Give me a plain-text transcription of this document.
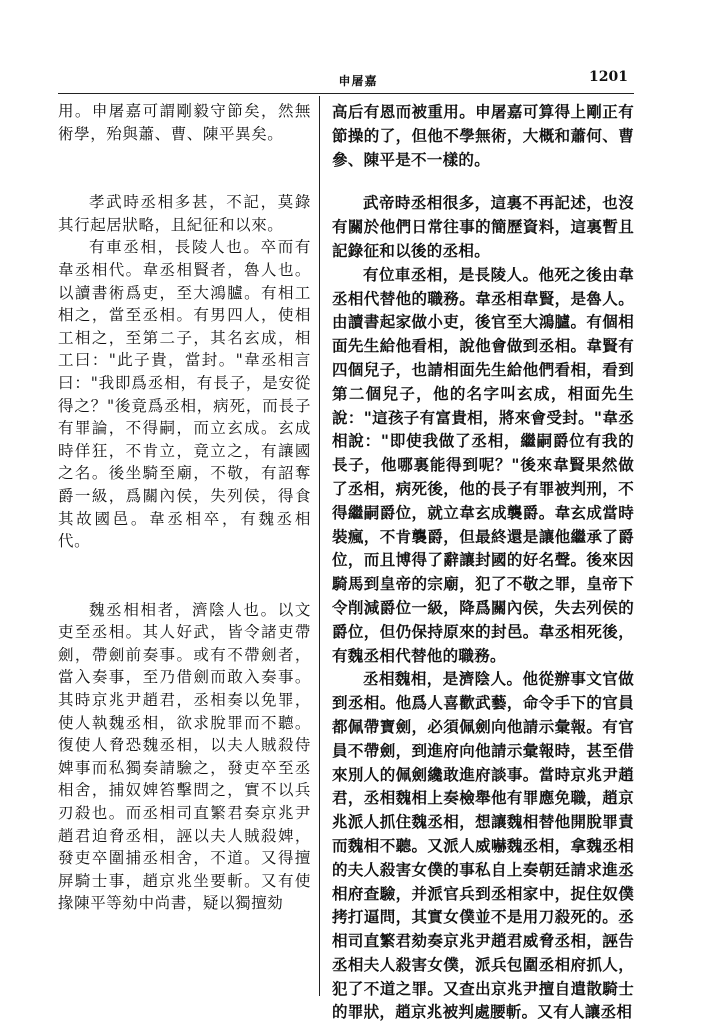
申屠嘉	1201

用。申屠嘉可謂剛毅守節矣，然無術學，殆與蕭、曹、陳平異矣。

孝武時丞相多甚，不記，莫錄其行起居狀略，且紀征和以來。

有車丞相，長陵人也。卒而有韋丞相代。韋丞相賢者，魯人也。以讀書術爲吏，至大鴻臚。有相工相之，當至丞相。有男四人，使相工相之，至第二子，其名玄成，相工曰："此子貴，當封。"韋丞相言曰："我即爲丞相，有長子，是安從得之？"後竟爲丞相，病死，而長子有罪論，不得嗣，而立玄成。玄成時佯狂，不肯立，竟立之，有讓國之名。後坐騎至廟，不敬，有詔奪爵一級，爲關內侯，失列侯，得食其故國邑。韋丞相卒，有魏丞相代。

魏丞相相者，濟陰人也。以文吏至丞相。其人好武，皆令諸吏帶劍，帶劍前奏事。或有不帶劍者，當入奏事，至乃借劍而敢入奏事。其時京兆尹趙君，丞相奏以免罪，使人執魏丞相，欲求脫罪而不聽。復使人脅恐魏丞相，以夫人賊殺侍婢事而私獨奏請驗之，發吏卒至丞相舍，捕奴婢笞擊問之，實不以兵刃殺也。而丞相司直繁君奏京兆尹趙君迫脅丞相，誣以夫人賊殺婢，發吏卒圍捕丞相舍，不道。又得擅屏騎士事，趙京兆坐要斬。又有使掾陳平等劾中尚書，疑以獨擅劾

高后有恩而被重用。申屠嘉可算得上剛正有節操的了，但他不學無術，大概和蕭何、曹參、陳平是不一樣的。

武帝時丞相很多，這裏不再記述，也沒有關於他們日常往事的簡歷資料，這裏暫且記錄征和以後的丞相。

有位車丞相，是長陵人。他死之後由韋丞相代替他的職務。韋丞相韋賢，是魯人。由讀書起家做小吏，後官至大鴻臚。有個相面先生給他看相，說他會做到丞相。韋賢有四個兒子，也請相面先生給他們看相，看到第二個兒子，他的名字叫玄成，相面先生說："這孩子有富貴相，將來會受封。"韋丞相說："即使我做了丞相，繼嗣爵位有我的長子，他哪裏能得到呢？"後來韋賢果然做了丞相，病死後，他的長子有罪被判刑，不得繼嗣爵位，就立韋玄成襲爵。韋玄成當時裝瘋，不肯襲爵，但最終還是讓他繼承了爵位，而且博得了辭讓封國的好名聲。後來因騎馬到皇帝的宗廟，犯了不敬之罪，皇帝下令削減爵位一級，降爲關內侯，失去列侯的爵位，但仍保持原來的封邑。韋丞相死後，有魏丞相代替他的職務。

丞相魏相，是濟陰人。他從辦事文官做到丞相。他爲人喜歡武藝，命令手下的官員都佩帶寶劍，必須佩劍向他請示彙報。有官員不帶劍，到進府向他請示彙報時，甚至借來別人的佩劍纔敢進府談事。當時京兆尹趙君，丞相魏相上奏檢舉他有罪應免職，趙京兆派人抓住魏丞相，想讓魏相替他開脫罪責而魏相不聽。又派人威嚇魏丞相，拿魏丞相的夫人殺害女僕的事私自上奏朝廷請求進丞相府查驗，并派官兵到丞相家中，捉住奴僕拷打逼問，其實女僕並不是用刀殺死的。丞相司直繁君劾奏京兆尹趙君威脅丞相，誣告丞相夫人殺害女僕，派兵包圍丞相府抓人，犯了不道之罪。又查出京兆尹擅自遣散騎士的罪狀，趙京兆被判處腰斬。又有人讓丞相
